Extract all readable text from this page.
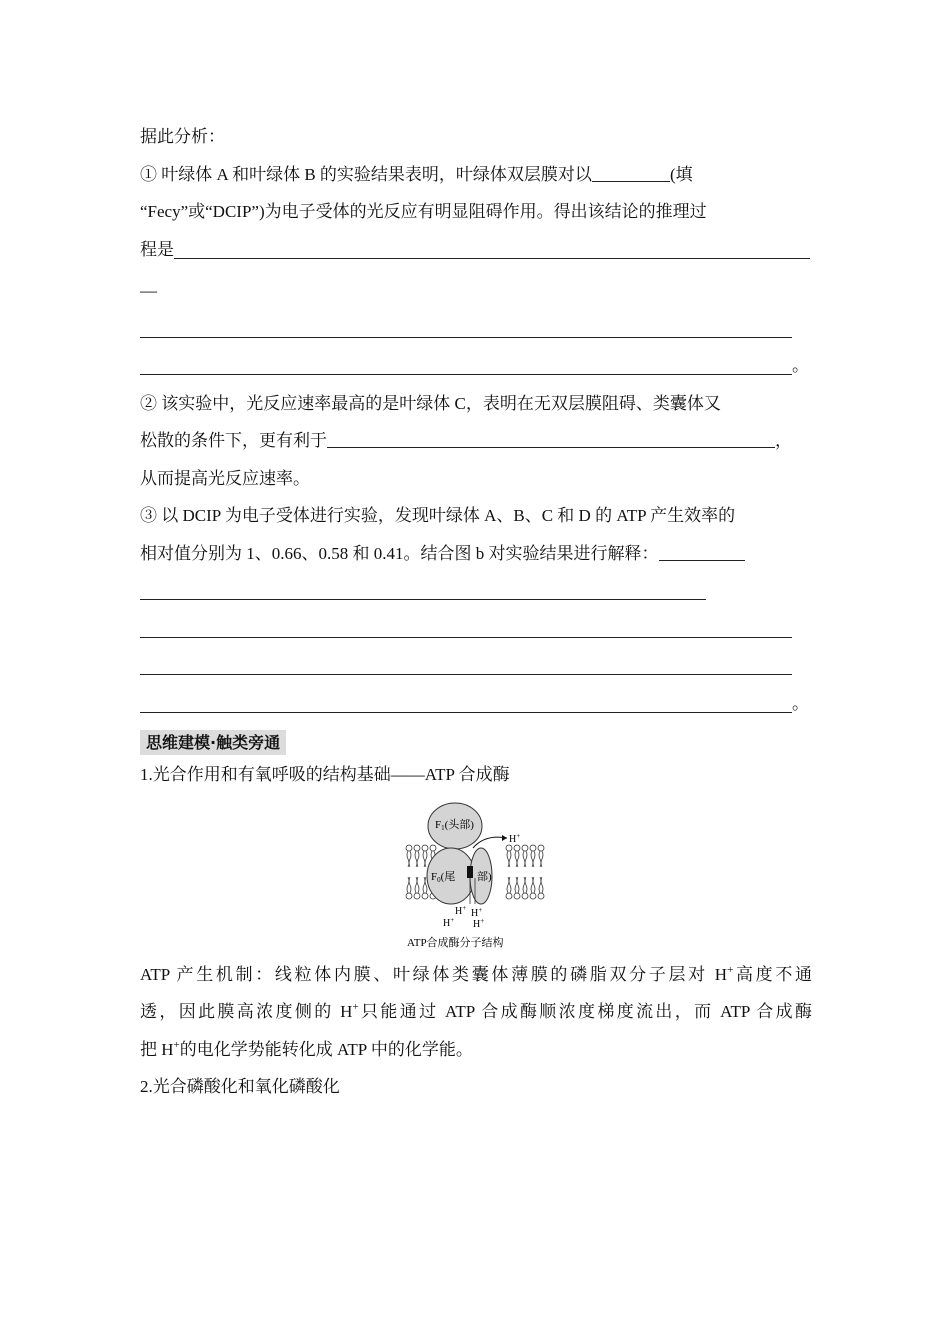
据此分析：
① 叶绿体 A 和叶绿体 B 的实验结果表明，叶绿体双层膜对以	(填
“Fecy”或“DCIP”)为电子受体的光反应有明显阻碍作用。得出该结论的推理过
程是
—
。
② 该实验中，光反应速率最高的是叶绿体 C，表明在无双层膜阻碍、类囊体又
松散的条件下，更有利于	，
从而提高光反应速率。
③ 以 DCIP 为电子受体进行实验，发现叶绿体 A、B、C 和 D 的 ATP 产生效率的
相对值分别为 1、0.66、0.58 和 0.41。结合图 b 对实验结果进行解释：
。
思维建模·触类旁通
1.光合作用和有氧呼吸的结构基础——ATP 合成酶
F1(头部)
F0(尾 部)
H+
H+ H+
H+ H+
ATP合成酶分子结构
ATP 产生机制：线粒体内膜、叶绿体类囊体薄膜的磷脂双分子层对 H+高度不通
透，因此膜高浓度侧的 H+只能通过 ATP 合成酶顺浓度梯度流出，而 ATP 合成酶
把 H+的电化学势能转化成 ATP 中的化学能。
2.光合磷酸化和氧化磷酸化
